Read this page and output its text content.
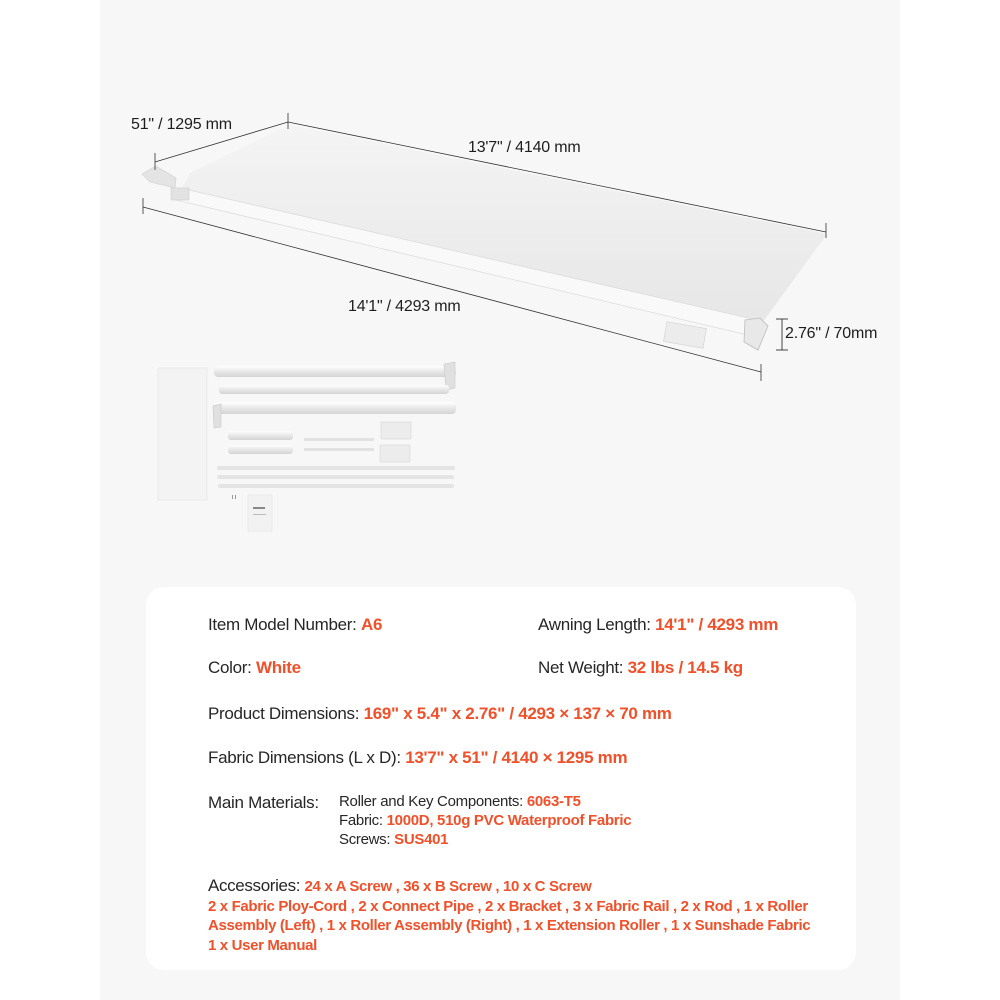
51" / 1295 mm
13'7" / 4140 mm
14'1" / 4293 mm
2.76" / 70mm
Item Model Number: A6	Awning Length: 14'1" / 4293 mm
Color: White	Net Weight: 32 lbs / 14.5 kg
Product Dimensions: 169" x 5.4" x 2.76" / 4293 × 137 × 70 mm
Fabric Dimensions (L x D): 13'7" x 51" / 4140 × 1295 mm
Main Materials: Roller and Key Components: 6063-T5
Fabric: 1000D, 510g PVC Waterproof Fabric
Screws: SUS401
Accessories: 24 x A Screw , 36 x B Screw , 10 x C Screw
2 x Fabric Ploy-Cord , 2 x Connect Pipe , 2 x Bracket , 3 x Fabric Rail , 2 x Rod , 1 x Roller
Assembly (Left) , 1 x Roller Assembly (Right) , 1 x Extension Roller , 1 x Sunshade Fabric
1 x User Manual
